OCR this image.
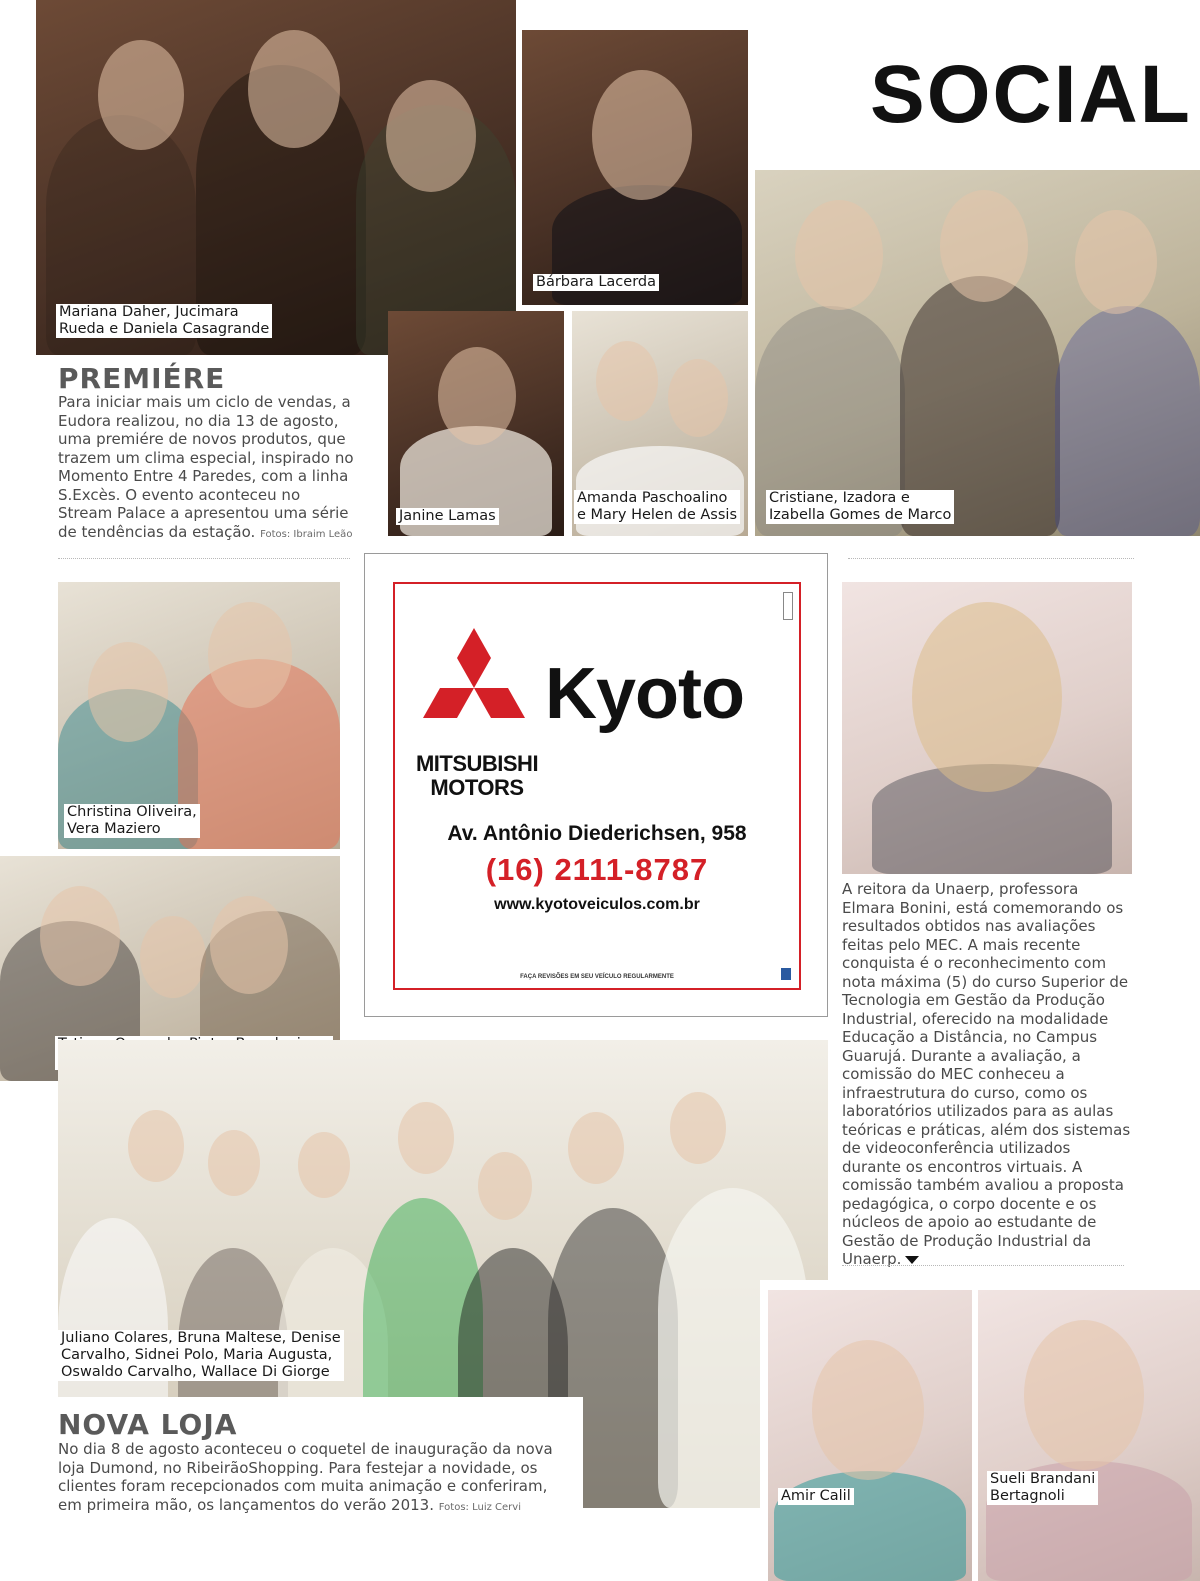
Mariana Daher, Jucimara
Rueda e Daniela Casagrande
Bárbara Lacerda
SOCIAL
Cristiane, Izadora e
Izabella Gomes de Marco
Janine Lamas
Amanda Paschoalino
e Mary Helen de Assis
PREMIÉRE

Para iniciar mais um ciclo de vendas, a Eudora realizou, no dia 13 de agosto, uma premiére de novos produtos, que trazem um clima especial, inspirado no Momento Entre 4 Paredes, com a linha S.Excès. O evento aconteceu no Stream Palace a apresentou uma série de tendências da estação. Fotos: Ibraim Leão

Christina Oliveira,
Vera Maziero
MITSUBISHI
MOTORS
Kyoto
Av. Antônio Diederichsen, 958
(16) 2111-8787
www.kyotoveiculos.com.br
FAÇA REVISÕES EM SEU VEÍCULO REGULARMENTE

A reitora da Unaerp, professora Elmara Bonini, está comemorando os resultados obtidos nas avaliações feitas pelo MEC. A mais recente conquista é o reconhecimento com nota máxima (5) do curso Superior de Tecnologia em Gestão da Produção Industrial, oferecido na modalidade Educação a Distância, no Campus Guarujá. Durante a avaliação, a comissão do MEC conheceu a infraestrutura do curso, como os laboratórios utilizados para as aulas teóricas e práticas, além dos sistemas de videoconferência utilizados durante os encontros virtuais. A comissão também avaliou a proposta pedagógica, o corpo docente e os núcleos de apoio ao estudante de Gestão de Produção Industrial da Unaerp.

Juliano Colares, Bruna Maltese, Denise
Carvalho, Sidnei Polo, Maria Augusta,
Oswaldo Carvalho, Wallace Di Giorge
NOVA LOJA

No dia 8 de agosto aconteceu o coquetel de inauguração da nova loja Dumond, no RibeirãoShopping. Para festejar a novidade, os clientes foram recepcionados com muita animação e conferiram, em primeira mão, os lançamentos do verão 2013. Fotos: Luiz Cervi

Amir Calil
Sueli Brandani
Bertagnoli
